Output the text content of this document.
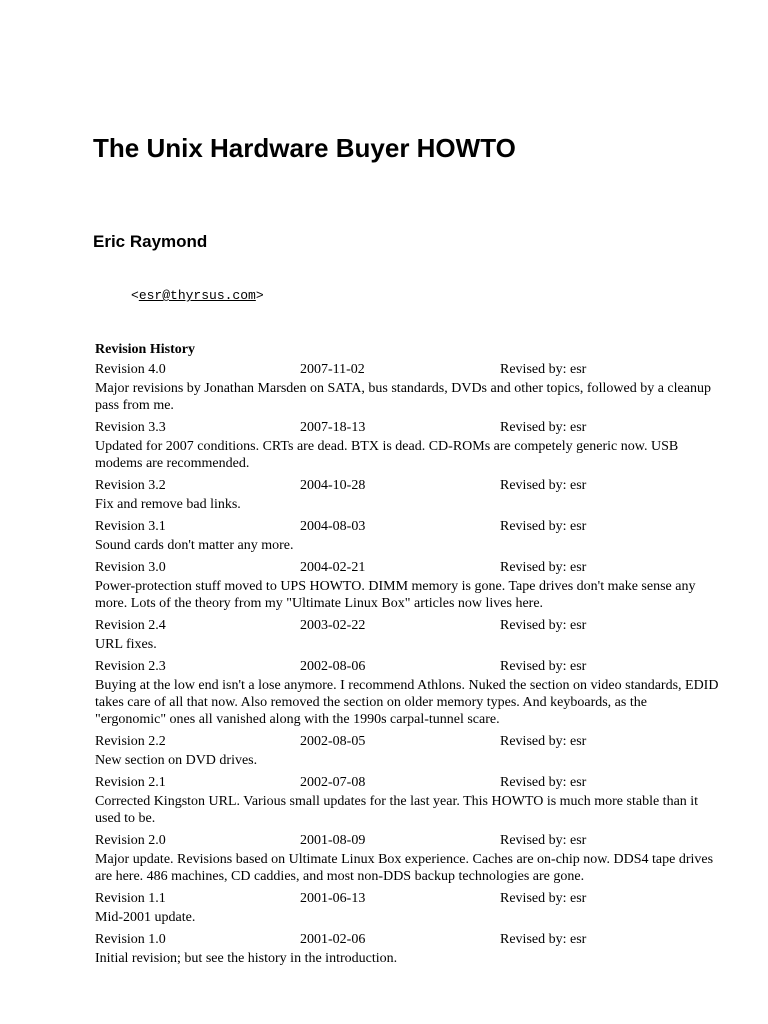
The Unix Hardware Buyer HOWTO
Eric Raymond
<esr@thyrsus.com>
Revision History
Revision 4.0	2007-11-02	Revised by: esr
Major revisions by Jonathan Marsden on SATA, bus standards, DVDs and other topics, followed by a cleanup pass from me.
Revision 3.3	2007-18-13	Revised by: esr
Updated for 2007 conditions. CRTs are dead. BTX is dead. CD-ROMs are competely generic now. USB modems are recommended.
Revision 3.2	2004-10-28	Revised by: esr
Fix and remove bad links.
Revision 3.1	2004-08-03	Revised by: esr
Sound cards don't matter any more.
Revision 3.0	2004-02-21	Revised by: esr
Power-protection stuff moved to UPS HOWTO. DIMM memory is gone. Tape drives don't make sense any more. Lots of the theory from my "Ultimate Linux Box" articles now lives here.
Revision 2.4	2003-02-22	Revised by: esr
URL fixes.
Revision 2.3	2002-08-06	Revised by: esr
Buying at the low end isn't a lose anymore. I recommend Athlons. Nuked the section on video standards, EDID takes care of all that now. Also removed the section on older memory types. And keyboards, as the "ergonomic" ones all vanished along with the 1990s carpal-tunnel scare.
Revision 2.2	2002-08-05	Revised by: esr
New section on DVD drives.
Revision 2.1	2002-07-08	Revised by: esr
Corrected Kingston URL. Various small updates for the last year. This HOWTO is much more stable than it used to be.
Revision 2.0	2001-08-09	Revised by: esr
Major update. Revisions based on Ultimate Linux Box experience. Caches are on-chip now. DDS4 tape drives are here. 486 machines, CD caddies, and most non-DDS backup technologies are gone.
Revision 1.1	2001-06-13	Revised by: esr
Mid-2001 update.
Revision 1.0	2001-02-06	Revised by: esr
Initial revision; but see the history in the introduction.
